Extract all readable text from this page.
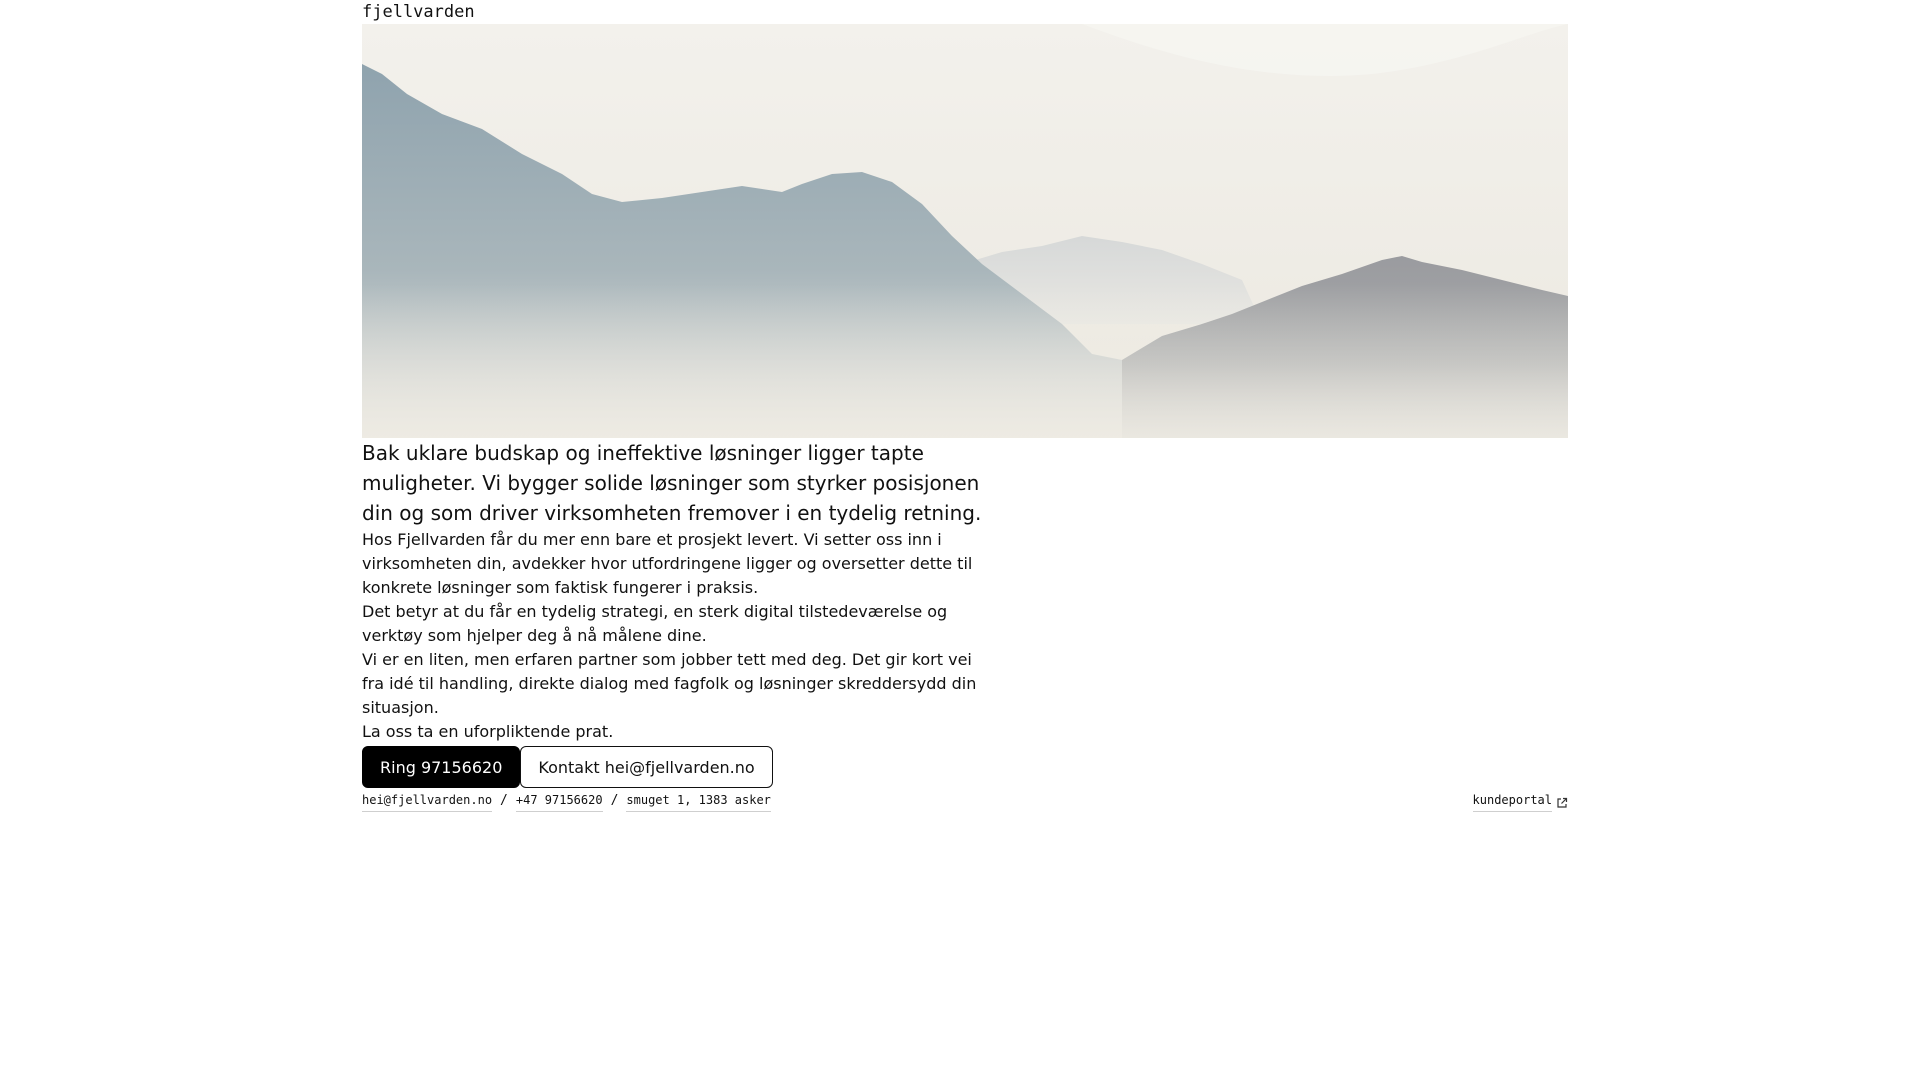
fjellvarden

Bak uklare budskap og ineffektive løsninger ligger tapte muligheter. Vi bygger solide løsninger som styrker posisjonen din og som driver virksomheten fremover i en tydelig retning.

Hos Fjellvarden får du mer enn bare et prosjekt levert. Vi setter oss inn i virksomheten din, avdekker hvor utfordringene ligger og oversetter dette til konkrete løsninger som faktisk fungerer i praksis.

Det betyr at du får en tydelig strategi, en sterk digital tilstedeværelse og verktøy som hjelper deg å nå målene dine.

Vi er en liten, men erfaren partner som jobber tett med deg. Det gir kort vei fra idé til handling, direkte dialog med fagfolk og løsninger skreddersydd din situasjon.

La oss ta en uforpliktende prat.

Ring 97156620	Kontakt hei@fjellvarden.no
hei@fjellvarden.no / +47 97156620 / smuget 1, 1383 asker	kundeportal
